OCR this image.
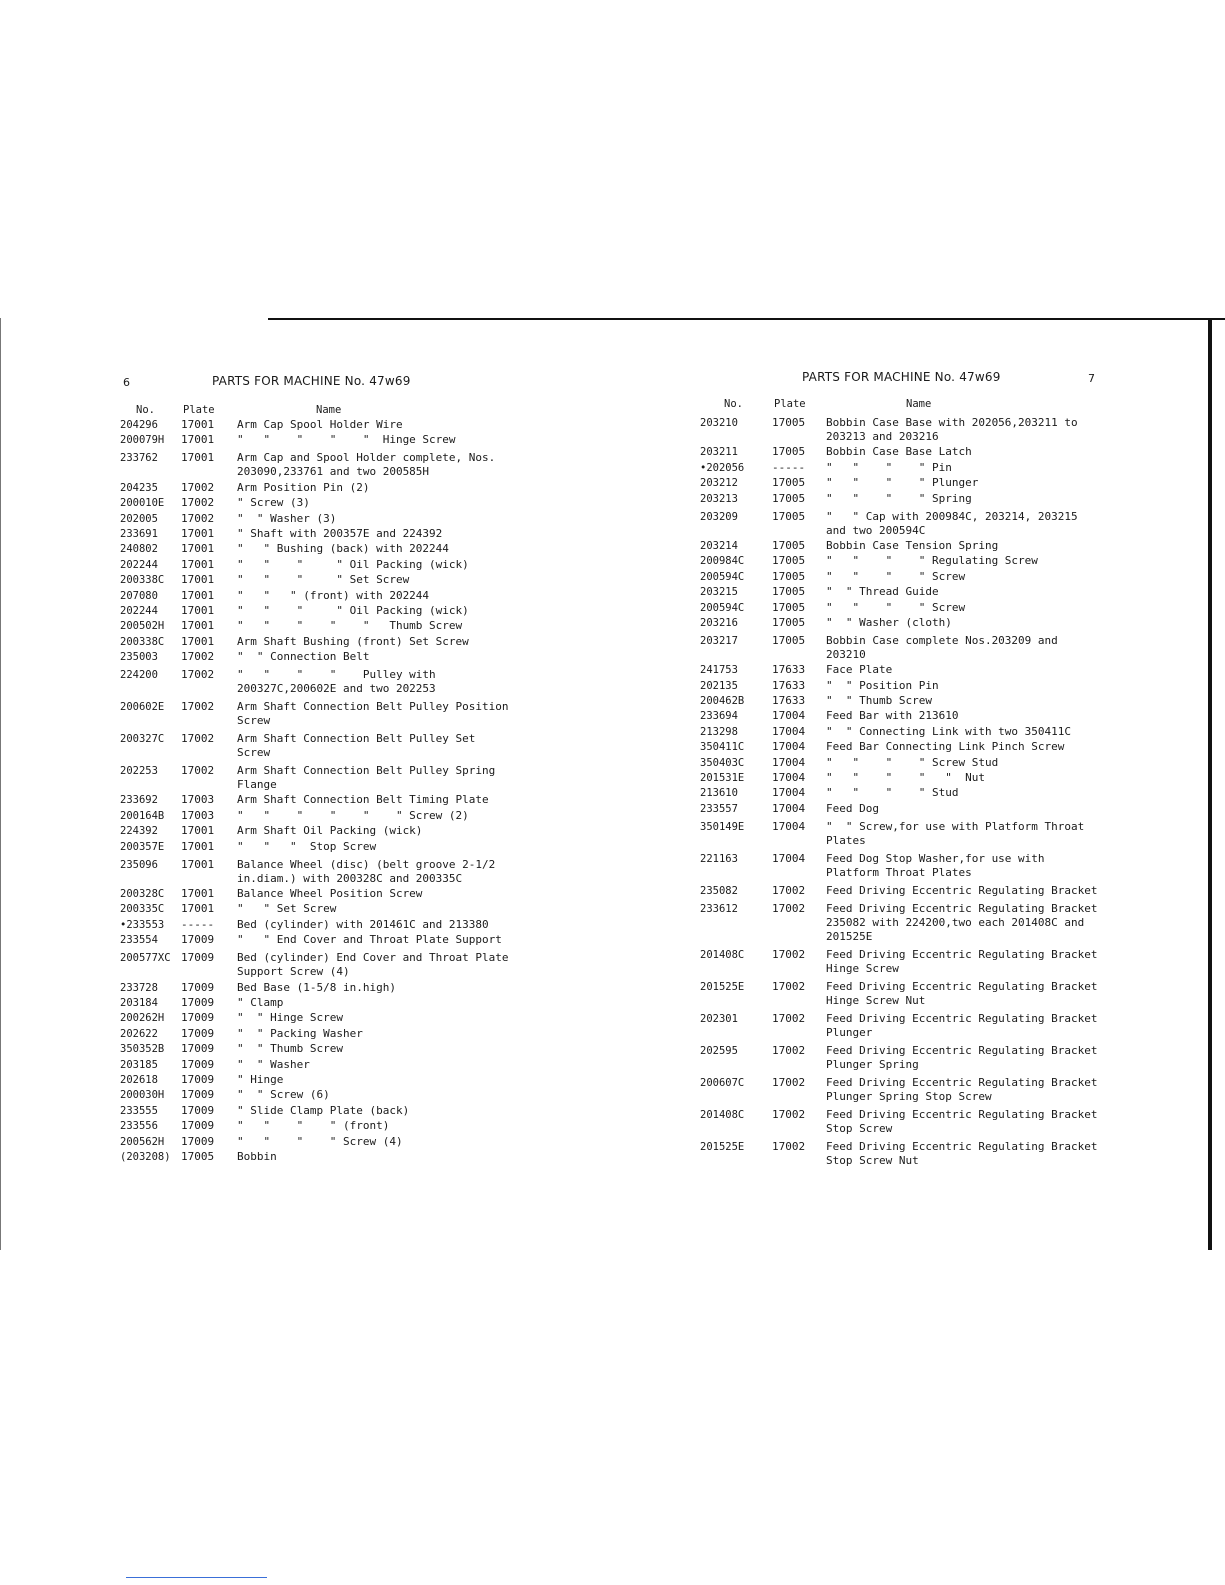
6	PARTS FOR MACHINE No. 47w69
No.	Plate	Name
204296	17001	Arm Cap Spool Holder Wire
200079H	17001	"   "    "    "    "  Hinge Screw
233762	17001	Arm Cap and Spool Holder complete, Nos. 203090,233761 and two 200585H
204235	17002	Arm Position Pin (2)
200010E	17002	" Screw (3)
202005	17002	"  " Washer (3)
233691	17001	" Shaft with 200357E and 224392
240802	17001	"   " Bushing (back) with 202244
202244	17001	"   "    "     " Oil Packing (wick)
200338C	17001	"   "    "     " Set Screw
207080	17001	"   "   " (front) with 202244
202244	17001	"   "    "     " Oil Packing (wick)
200502H	17001	"   "    "    "    "   Thumb Screw
200338C	17001	Arm Shaft Bushing (front) Set Screw
235003	17002	"  " Connection Belt
224200	17002	"   "    "    "    Pulley with 200327C,200602E and two 202253
200602E	17002	Arm Shaft Connection Belt Pulley Position Screw
200327C	17002	Arm Shaft Connection Belt Pulley Set Screw
202253	17002	Arm Shaft Connection Belt Pulley Spring Flange
233692	17003	Arm Shaft Connection Belt Timing Plate
200164B	17003	"   "    "    "    "    " Screw (2)
224392	17001	Arm Shaft Oil Packing (wick)
200357E	17001	"   "   "  Stop Screw
235096	17001	Balance Wheel (disc) (belt groove 2-1/2 in.diam.) with 200328C and 200335C
200328C	17001	Balance Wheel Position Screw
200335C	17001	"   " Set Screw
•233553	-----	Bed (cylinder) with 201461C and 213380
233554	17009	"   " End Cover and Throat Plate Support
200577XC 17009	Bed (cylinder) End Cover and Throat Plate Support Screw (4)
233728	17009	Bed Base (1-5/8 in.high)
203184	17009	" Clamp
200262H	17009	"  " Hinge Screw
202622	17009	"  " Packing Washer
350352B	17009	"  " Thumb Screw
203185	17009	"  " Washer
202618	17009	" Hinge
200030H	17009	"  " Screw (6)
233555	17009	" Slide Clamp Plate (back)
233556	17009	"   "    "    " (front)
200562H	17009	"   "    "    " Screw (4)
(203208) 17005	Bobbin
PARTS FOR MACHINE No. 47w69	7
No.	Plate	Name
203210	17005	Bobbin Case Base with 202056,203211 to 203213 and 203216
203211	17005	Bobbin Case Base Latch
•202056	-----	"   "    "    " Pin
203212	17005	"   "    "    " Plunger
203213	17005	"   "    "    " Spring
203209	17005	"   " Cap with 200984C, 203214, 203215 and two 200594C
203214	17005	Bobbin Case Tension Spring
200984C	17005	"   "    "    " Regulating Screw
200594C	17005	"   "    "    " Screw
203215	17005	"  " Thread Guide
200594C	17005	"   "    "    " Screw
203216	17005	"  " Washer (cloth)
203217	17005	Bobbin Case complete Nos.203209 and 203210
241753	17633	Face Plate
202135	17633	"  " Position Pin
200462B	17633	"  " Thumb Screw
233694	17004	Feed Bar with 213610
213298	17004	"  " Connecting Link with two 350411C
350411C	17004	Feed Bar Connecting Link Pinch Screw
350403C	17004	"   "    "    " Screw Stud
201531E	17004	"   "    "    "   "  Nut
213610	17004	"   "    "    " Stud
233557	17004	Feed Dog
350149E	17004	"  " Screw,for use with Platform Throat Plates
221163	17004	Feed Dog Stop Washer,for use with Platform Throat Plates
235082	17002	Feed Driving Eccentric Regulating Bracket
233612	17002	Feed Driving Eccentric Regulating Bracket 235082 with 224200,two each 201408C and 201525E
201408C	17002	Feed Driving Eccentric Regulating Bracket Hinge Screw
201525E	17002	Feed Driving Eccentric Regulating Bracket Hinge Screw Nut
202301	17002	Feed Driving Eccentric Regulating Bracket Plunger
202595	17002	Feed Driving Eccentric Regulating Bracket Plunger Spring
200607C	17002	Feed Driving Eccentric Regulating Bracket Plunger Spring Stop Screw
201408C	17002	Feed Driving Eccentric Regulating Bracket Stop Screw
201525E	17002	Feed Driving Eccentric Regulating Bracket Stop Screw Nut
